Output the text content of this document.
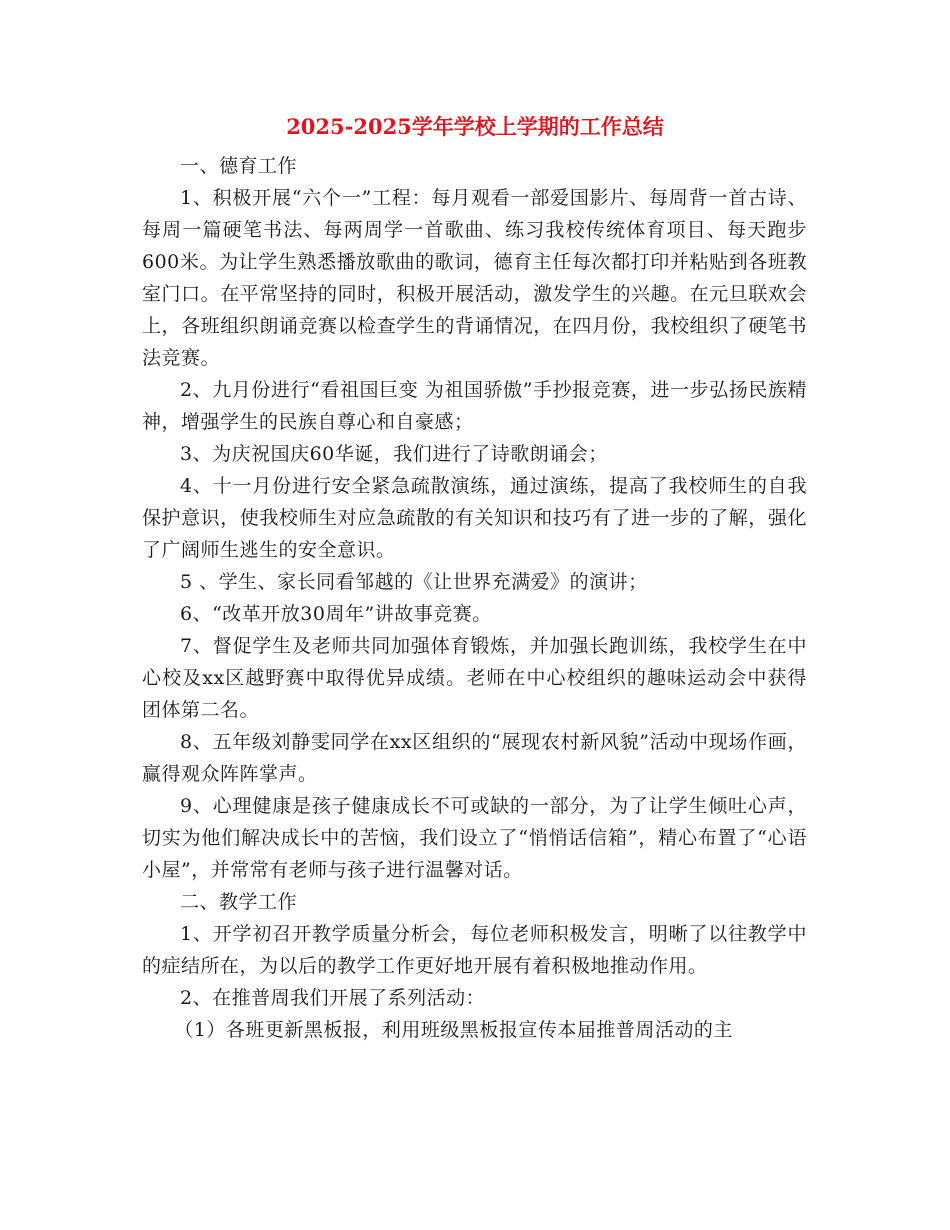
2025-2025学年学校上学期的工作总结

一、德育工作

1、积极开展“六个一”工程：每月观看一部爱国影片、每周背一首古诗、每周一篇硬笔书法、每两周学一首歌曲、练习我校传统体育项目、每天跑步600米。为让学生熟悉播放歌曲的歌词，德育主任每次都打印并粘贴到各班教室门口。在平常坚持的同时，积极开展活动，激发学生的兴趣。在元旦联欢会上，各班组织朗诵竞赛以检查学生的背诵情况，在四月份，我校组织了硬笔书法竞赛。

2、九月份进行“看祖国巨变 为祖国骄傲”手抄报竞赛，进一步弘扬民族精神，增强学生的民族自尊心和自豪感；

3、为庆祝国庆60华诞，我们进行了诗歌朗诵会；

4、十一月份进行安全紧急疏散演练，通过演练，提高了我校师生的自我保护意识，使我校师生对应急疏散的有关知识和技巧有了进一步的了解，强化了广阔师生逃生的安全意识。

5 、学生、家长同看邹越的《让世界充满爱》的演讲；

6、“改革开放30周年”讲故事竞赛。

7、督促学生及老师共同加强体育锻炼，并加强长跑训练，我校学生在中心校及xx区越野赛中取得优异成绩。老师在中心校组织的趣味运动会中获得团体第二名。

8、五年级刘静雯同学在xx区组织的“展现农村新风貌”活动中现场作画，赢得观众阵阵掌声。

9、心理健康是孩子健康成长不可或缺的一部分，为了让学生倾吐心声，切实为他们解决成长中的苦恼，我们设立了“悄悄话信箱”，精心布置了“心语小屋”，并常常有老师与孩子进行温馨对话。

二、教学工作

1、开学初召开教学质量分析会，每位老师积极发言，明晰了以往教学中的症结所在，为以后的教学工作更好地开展有着积极地推动作用。

2、在推普周我们开展了系列活动：

（1）各班更新黑板报，利用班级黑板报宣传本届推普周活动的主
